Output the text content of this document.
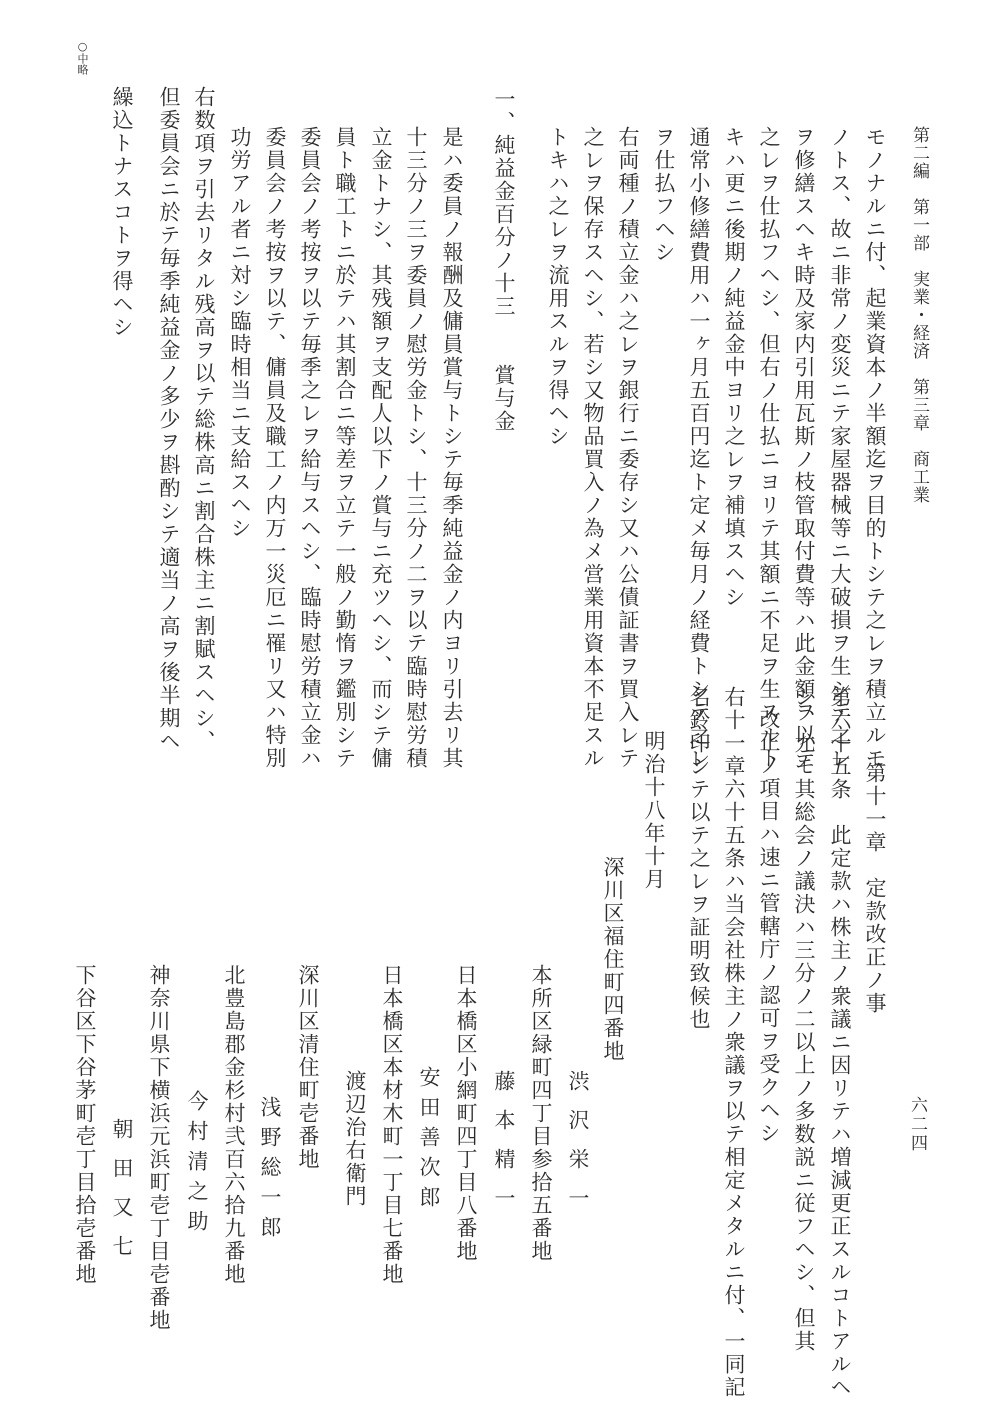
第二編　第一部　実業・経済　第三章　商工業
六二四
モノナルニ付、起業資本ノ半額迄ヲ目的トシテ之レヲ積立ルモ
ノトス、故ニ非常ノ変災ニテ家屋器械等ニ大破損ヲ生シテ之レ
ヲ修繕スヘキ時及家内引用瓦斯ノ枝管取付費等ハ此金額ヲ以テ
之レヲ仕払フヘシ、但右ノ仕払ニヨリテ其額ニ不足ヲ生スルト
キハ更ニ後期ノ純益金中ヨリ之レヲ補填スヘシ
通常小修繕費用ハ一ヶ月五百円迄ト定メ毎月ノ経費トシテ之レ
ヲ仕払フヘシ
右両種ノ積立金ハ之レヲ銀行ニ委存シ又ハ公債証書ヲ買入レテ
之レヲ保存スヘシ、若シ又物品買入ノ為メ営業用資本不足スル
トキハ之レヲ流用スルヲ得ヘシ
一、純益金百分ノ十三　　賞与金
是ハ委員ノ報酬及傭員賞与トシテ毎季純益金ノ内ヨリ引去リ其
十三分ノ三ヲ委員ノ慰労金トシ、十三分ノ二ヲ以テ臨時慰労積
立金トナシ、其残額ヲ支配人以下ノ賞与ニ充ツヘシ、而シテ傭
員ト職工トニ於テハ其割合ニ等差ヲ立テ一般ノ勤惰ヲ鑑別シテ
委員会ノ考按ヲ以テ毎季之レヲ給与スヘシ、臨時慰労積立金ハ
委員会ノ考按ヲ以テ、傭員及職工ノ内万一災厄ニ罹リ又ハ特別
功労アル者ニ対シ臨時相当ニ支給スヘシ
右数項ヲ引去リタル残高ヲ以テ総株高ニ割合株主ニ割賦スヘシ、
但委員会ニ於テ毎季純益金ノ多少ヲ斟酌シテ適当ノ高ヲ後半期ヘ
繰込トナスコトヲ得ヘシ
○中略
第十一章　定款改正ノ事
第六十五条　此定款ハ株主ノ衆議ニ因リテハ増減更正スルコトアルヘ
シ、尤モ其総会ノ議決ハ三分ノ二以上ノ多数説ニ従フヘシ、但其
改正ノ項目ハ速ニ管轄庁ノ認可ヲ受クヘシ
右十一章六十五条ハ当会社株主ノ衆議ヲ以テ相定メタルニ付、一同記
名鈴印シテ以テ之レヲ証明致候也
明治十八年十月
深川区福住町四番地
渋沢栄一
本所区緑町四丁目参拾五番地
藤本精一
日本橋区小網町四丁目八番地
安田善次郎
日本橋区本材木町一丁目七番地
渡辺治右衛門
深川区清住町壱番地
浅野総一郎
北豊島郡金杉村弐百六拾九番地
今村清之助
神奈川県下横浜元浜町壱丁目壱番地
朝田又七
下谷区下谷茅町壱丁目拾壱番地
